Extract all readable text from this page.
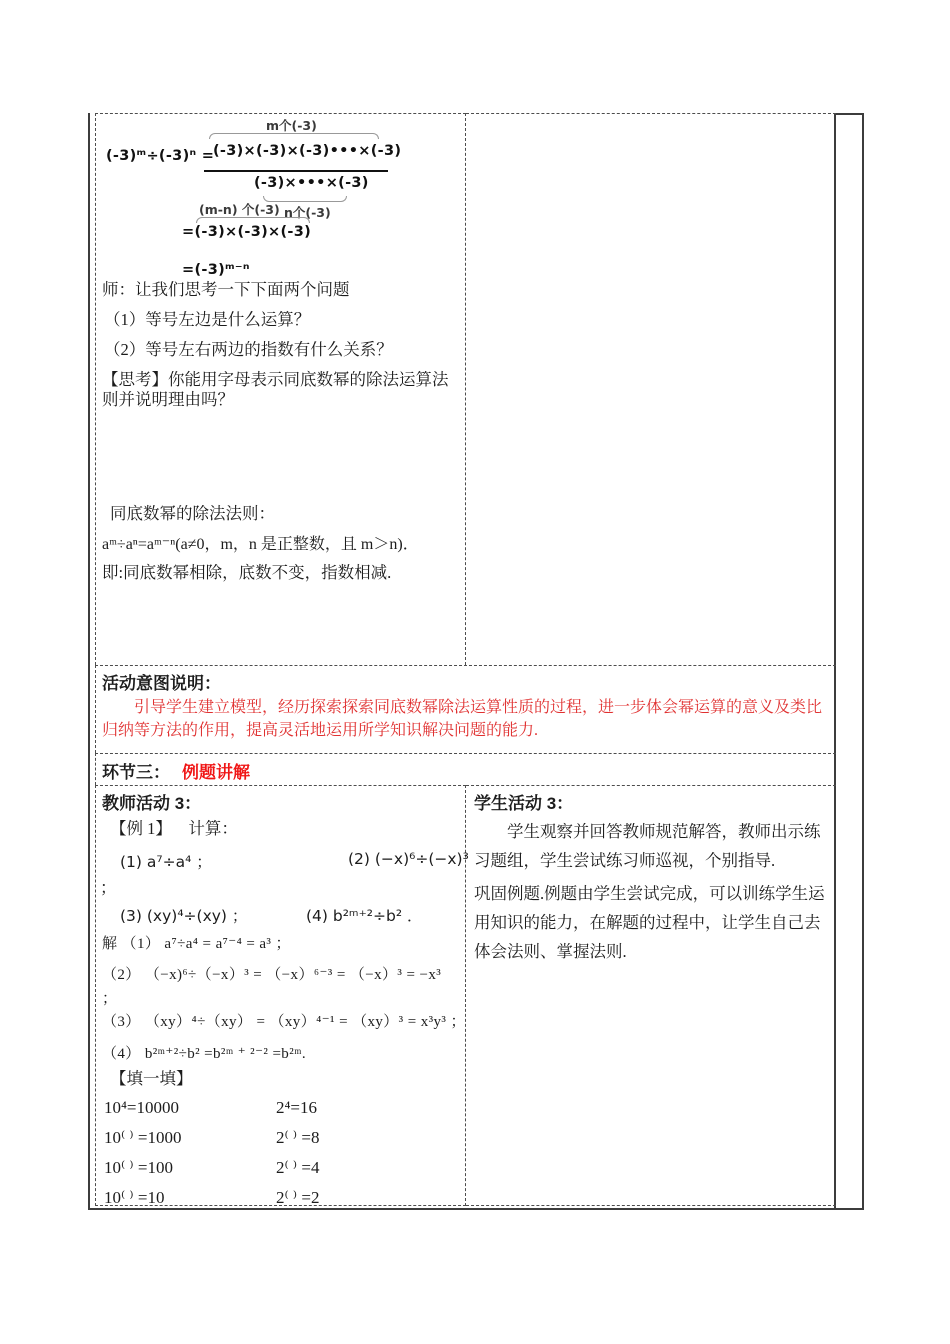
m个(-3)
(-3)ᵐ÷(-3)ⁿ =
(-3)×(-3)×(-3)•••×(-3)
(-3)×•••×(-3)
(m-n) 个(-3) n个(-3)
=(-3)×(-3)×(-3)
=(-3)ᵐ⁻ⁿ
师：让我们思考一下下面两个问题
（1）等号左边是什么运算？
（2）等号左右两边的指数有什么关系？
【思考】你能用字母表示同底数幂的除法运算法则并说明理由吗？
同底数幂的除法法则：
aᵐ÷aⁿ=aᵐ⁻ⁿ(a≠0，m，n 是正整数，且 m＞n)．
即:同底数幂相除，底数不变，指数相减.
活动意图说明：
引导学生建立模型，经历探索探索同底数幂除法运算性质的过程，进一步体会幂运算的意义及类比归纳等方法的作用，提高灵活地运用所学知识解决问题的能力.
环节三： 例题讲解
教师活动 3：
【例 1】    计算：
(1) a⁷÷a⁴ ；	(2) (−x)⁶÷(−x)³
；
(3) (xy)⁴÷(xy) ；	(4) b²ᵐ⁺²÷b² ．
解 （1） a⁷÷a⁴ = a⁷⁻⁴ = a³ ；
（2） （−x)⁶÷（−x）³ = （−x）⁶⁻³ = （−x）³ = −x³
；
（3） （xy）⁴÷（xy） = （xy）⁴⁻¹ = （xy）³ = x³y³ ；
（4） b²ᵐ⁺²÷b² =b²ᵐ ⁺ ²⁻² =b²ᵐ.
【填一填】
10⁴=10000	2⁴=16
10⁽ ⁾ =1000	2⁽ ⁾ =8
10⁽ ⁾ =100	2⁽ ⁾ =4
10⁽ ⁾ =10	2⁽ ⁾ =2
学生活动 3：
学生观察并回答教师规范解答，教师出示练习题组，学生尝试练习师巡视，个别指导.
巩固例题.例题由学生尝试完成，可以训练学生运用知识的能力，在解题的过程中，让学生自己去体会法则、掌握法则.
